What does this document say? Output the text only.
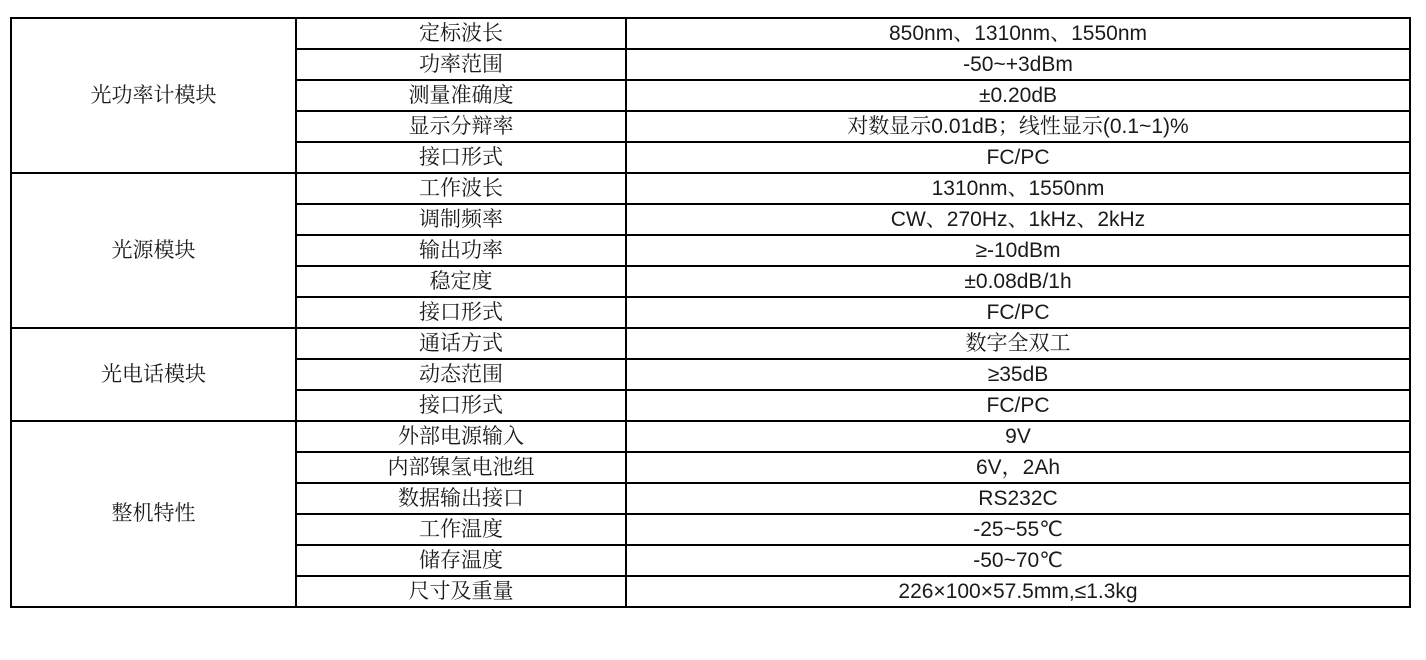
光功率计模块	定标波长	850nm、1310nm、1550nm
	功率范围	-50~+3dBm
	测量准确度	±0.20dB
	显示分辩率	对数显示0.01dB；线性显示(0.1~1)%
	接口形式	FC/PC
光源模块	工作波长	1310nm、1550nm
	调制频率	CW、270Hz、1kHz、2kHz
	输出功率	≥-10dBm
	稳定度	±0.08dB/1h
	接口形式	FC/PC
光电话模块	通话方式	数字全双工
	动态范围	≥35dB
	接口形式	FC/PC
整机特性	外部电源输入	9V
	内部镍氢电池组	6V，2Ah
	数据输出接口	RS232C
	工作温度	-25~55℃
	储存温度	-50~70℃
	尺寸及重量	226×100×57.5mm,≤1.3kg
